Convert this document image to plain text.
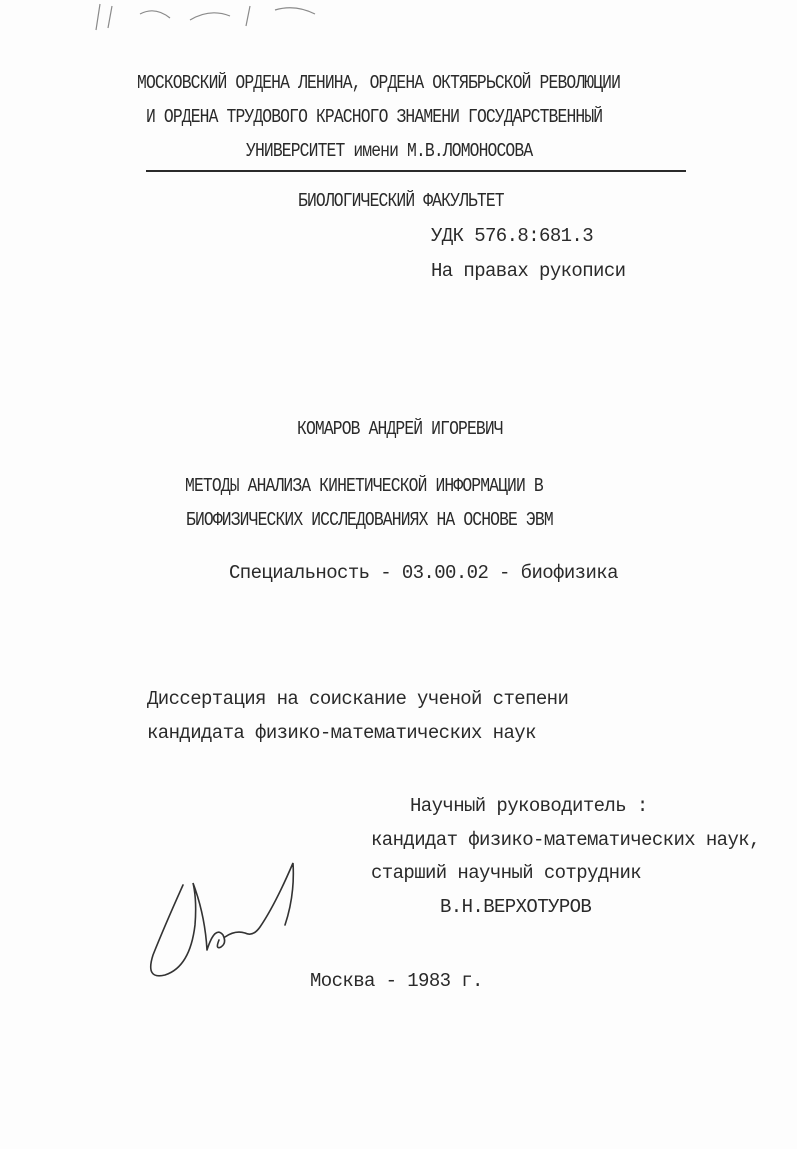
МОСКОВСКИЙ ОРДЕНА ЛЕНИНА, ОРДЕНА ОКТЯБРЬСКОЙ РЕВОЛЮЦИИ
И ОРДЕНА ТРУДОВОГО КРАСНОГО ЗНАМЕНИ ГОСУДАРСТВЕННЫЙ
УНИВЕРСИТЕТ имени М.В.ЛОМОНОСОВА
БИОЛОГИЧЕСКИЙ ФАКУЛЬТЕТ
УДК 576.8:681.3
На правах рукописи
КОМАРОВ АНДРЕЙ ИГОРЕВИЧ
МЕТОДЫ АНАЛИЗА КИНЕТИЧЕСКОЙ ИНФОРМАЦИИ В
БИОФИЗИЧЕСКИХ ИССЛЕДОВАНИЯХ НА ОСНОВЕ ЭВМ
Специальность - 03.00.02 - биофизика
Диссертация на соискание ученой степени
кандидата физико-математических наук
Научный руководитель :
кандидат физико-математических наук,
старший научный сотрудник
В.Н.ВЕРХОТУРОВ
Москва - 1983 г.
